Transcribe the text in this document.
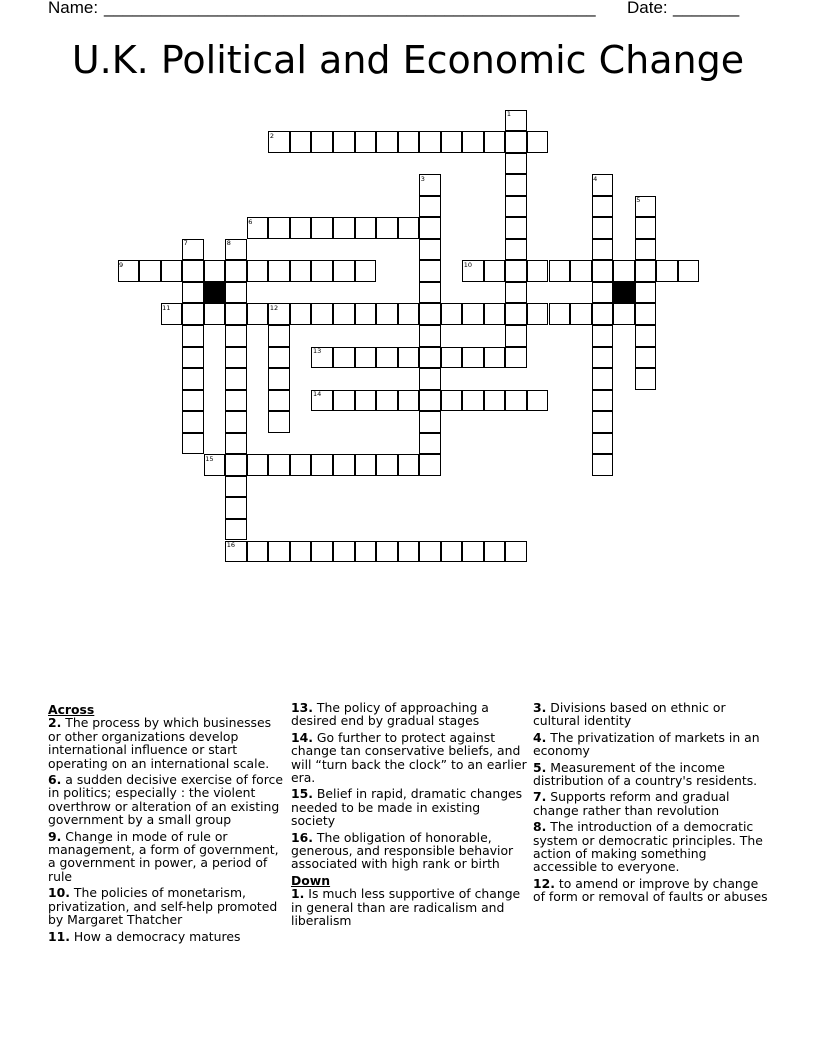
Name: ____________________________________________________ Date: _______
U.K. Political and Economic Change
2
6
9	10
11
13
14
15
16
1
3	4
5
7	8
12
Across
2. The process by which businesses or other organizations develop international influence or start operating on an international scale.
6. a sudden decisive exercise of force in politics; especially : the violent overthrow or alteration of an existing government by a small group
9. Change in mode of rule or management, a form of government, a government in power, a period of rule
10. The policies of monetarism, privatization, and self-help promoted by Margaret Thatcher
11. How a democracy matures
13. The policy of approaching a desired end by gradual stages
14. Go further to protect against change tan conservative beliefs, and will “turn back the clock” to an earlier era.
15. Belief in rapid, dramatic changes needed to be made in existing society
16. The obligation of honorable, generous, and responsible behavior associated with high rank or birth
Down
1. Is much less supportive of change in general than are radicalism and liberalism
3. Divisions based on ethnic or cultural identity
4. The privatization of markets in an economy
5. Measurement of the income distribution of a country's residents.
7. Supports reform and gradual change rather than revolution
8. The introduction of a democratic system or democratic principles. The action of making something accessible to everyone.
12. to amend or improve by change of form or removal of faults or abuses
